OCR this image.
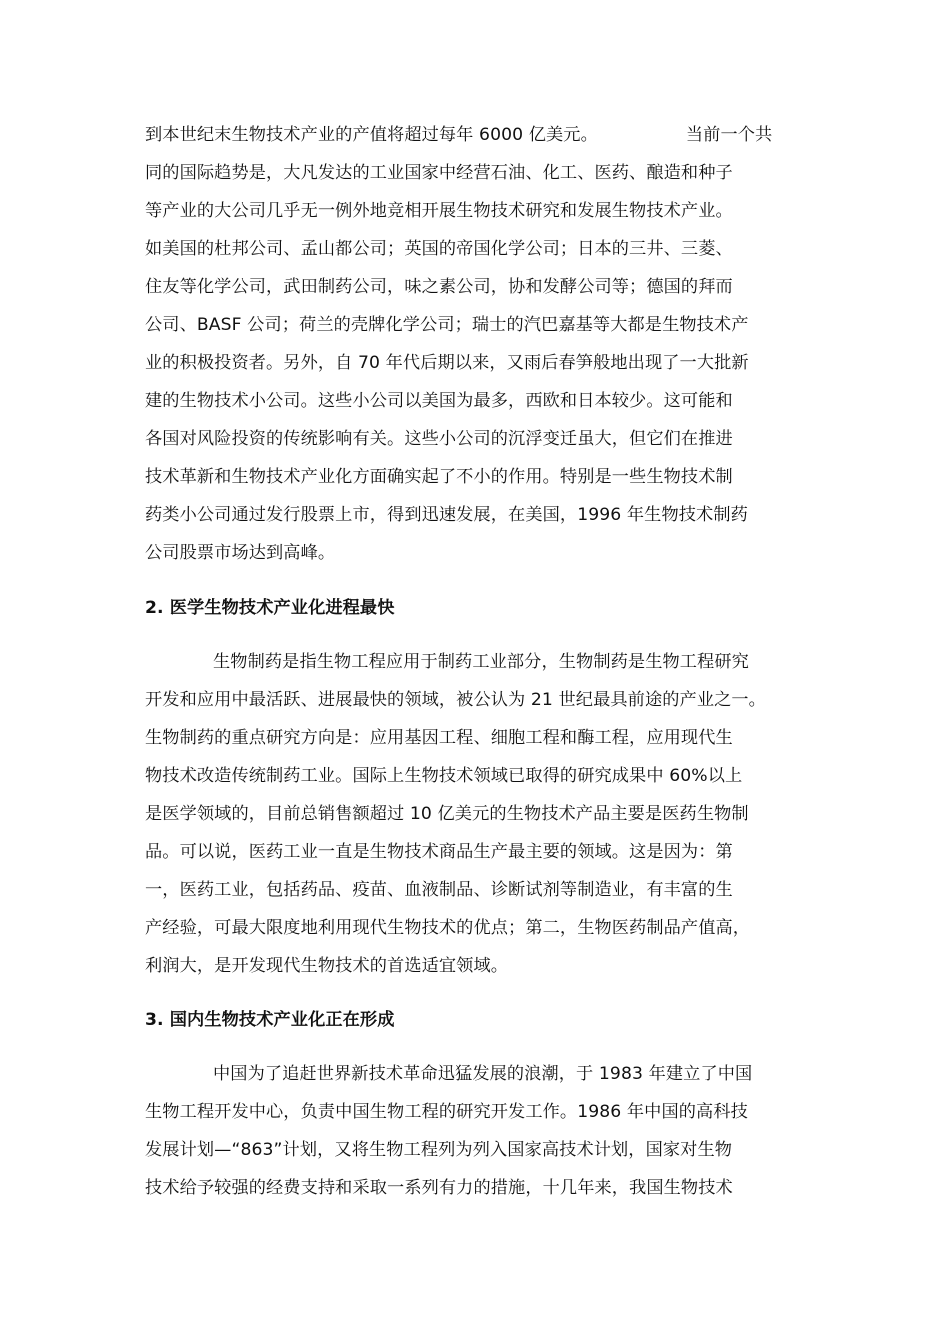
到本世纪末生物技术产业的产值将超过每年 6000 亿美元。	当前一个共
同的国际趋势是，大凡发达的工业国家中经营石油、化工、医药、酿造和种子
等产业的大公司几乎无一例外地竞相开展生物技术研究和发展生物技术产业。
如美国的杜邦公司、孟山都公司；英国的帝国化学公司；日本的三井、三菱、
住友等化学公司，武田制药公司，味之素公司，协和发酵公司等；德国的拜而
公司、BASF 公司；荷兰的壳牌化学公司；瑞士的汽巴嘉基等大都是生物技术产
业的积极投资者。另外，自 70 年代后期以来，又雨后春笋般地出现了一大批新
建的生物技术小公司。这些小公司以美国为最多，西欧和日本较少。这可能和
各国对风险投资的传统影响有关。这些小公司的沉浮变迁虽大，但它们在推进
技术革新和生物技术产业化方面确实起了不小的作用。特别是一些生物技术制
药类小公司通过发行股票上市，得到迅速发展，在美国，1996 年生物技术制药
公司股票市场达到高峰。
2. 医学生物技术产业化进程最快
生物制药是指生物工程应用于制药工业部分，生物制药是生物工程研究
开发和应用中最活跃、进展最快的领域，被公认为 21 世纪最具前途的产业之一。
生物制药的重点研究方向是：应用基因工程、细胞工程和酶工程，应用现代生
物技术改造传统制药工业。国际上生物技术领域已取得的研究成果中 60%以上
是医学领域的，目前总销售额超过 10 亿美元的生物技术产品主要是医药生物制
品。可以说，医药工业一直是生物技术商品生产最主要的领域。这是因为：第
一，医药工业，包括药品、疫苗、血液制品、诊断试剂等制造业，有丰富的生
产经验，可最大限度地利用现代生物技术的优点；第二，生物医药制品产值高，
利润大，是开发现代生物技术的首选适宜领域。
3. 国内生物技术产业化正在形成
中国为了追赶世界新技术革命迅猛发展的浪潮，于 1983 年建立了中国
生物工程开发中心，负责中国生物工程的研究开发工作。1986 年中国的高科技
发展计划—“863”计划，又将生物工程列为列入国家高技术计划，国家对生物
技术给予较强的经费支持和采取一系列有力的措施，十几年来，我国生物技术
